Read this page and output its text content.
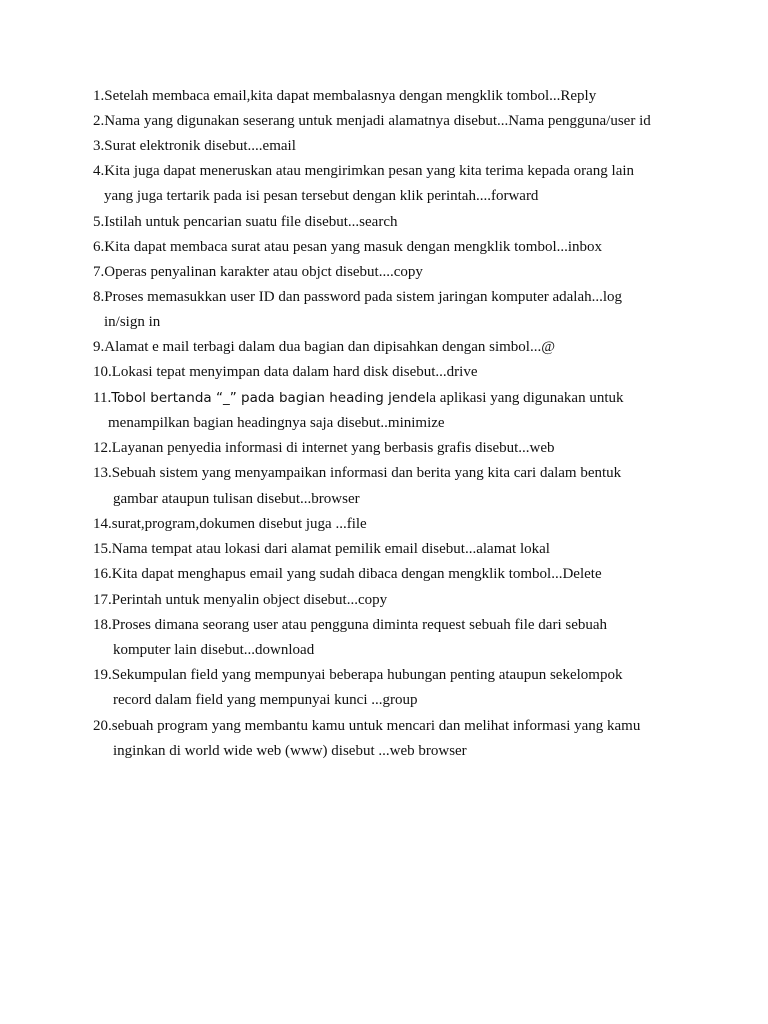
1.Setelah membaca email,kita dapat membalasnya dengan mengklik tombol...Reply
2.Nama yang digunakan seserang untuk menjadi alamatnya disebut...Nama pengguna/user id
3.Surat elektronik disebut....email
4.Kita juga dapat meneruskan atau mengirimkan pesan yang kita terima kepada orang lain
yang juga tertarik pada isi pesan tersebut dengan klik perintah....forward
5.Istilah untuk pencarian suatu file disebut...search
6.Kita dapat membaca surat atau pesan yang masuk dengan mengklik tombol...inbox
7.Operas penyalinan karakter atau objct disebut....copy
8.Proses memasukkan user ID dan password pada sistem jaringan komputer adalah...log
in/sign in
9.Alamat e mail terbagi dalam dua bagian dan dipisahkan dengan simbol...@
10.Lokasi tepat menyimpan data dalam hard disk disebut...drive
11.Tobol bertanda “_” pada bagian heading jendela aplikasi yang digunakan untuk
menampilkan bagian headingnya saja disebut..minimize
12.Layanan penyedia informasi di internet yang berbasis grafis disebut...web
13.Sebuah sistem yang menyampaikan informasi dan berita yang kita cari dalam bentuk
gambar ataupun tulisan disebut...browser
14.surat,program,dokumen disebut juga ...file
15.Nama tempat atau lokasi dari alamat pemilik email disebut...alamat lokal
16.Kita dapat menghapus email yang sudah dibaca dengan mengklik tombol...Delete
17.Perintah untuk menyalin object disebut...copy
18.Proses dimana seorang user atau pengguna diminta request sebuah file dari sebuah
komputer lain disebut...download
19.Sekumpulan field yang mempunyai beberapa hubungan penting ataupun sekelompok
record dalam field yang mempunyai kunci ...group
20.sebuah program yang membantu kamu untuk mencari dan melihat informasi yang kamu
inginkan di world wide web (www) disebut ...web browser
